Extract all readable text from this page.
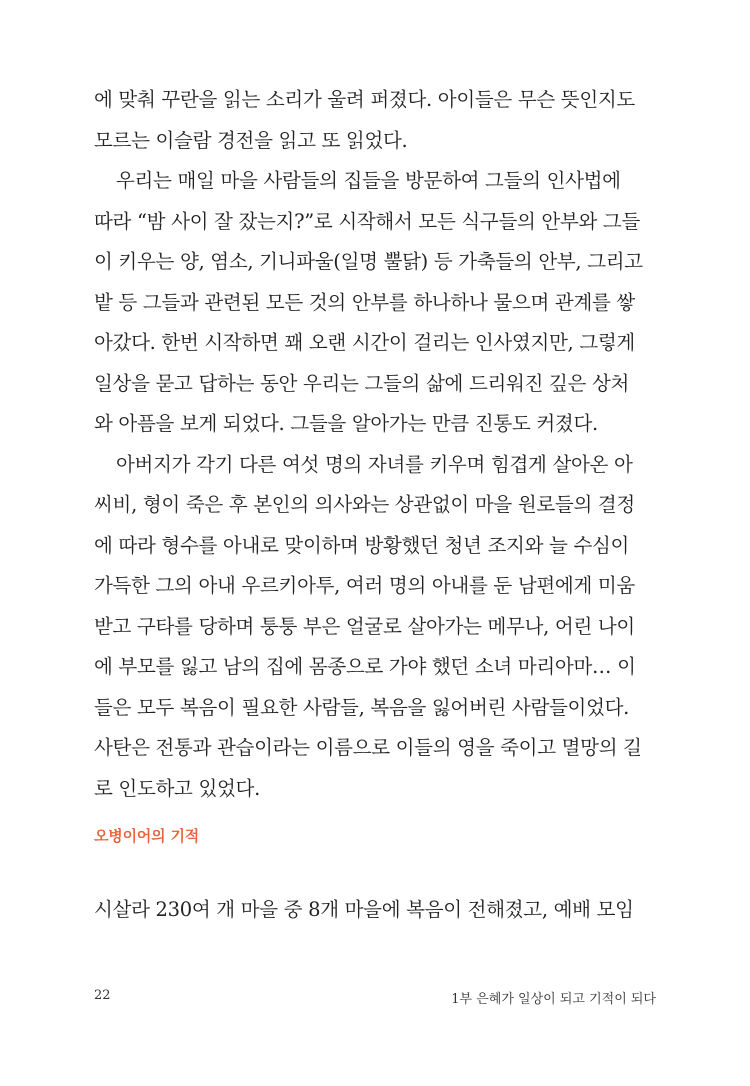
에 맞춰 꾸란을 읽는 소리가 울려 퍼졌다. 아이들은 무슨 뜻인지도
모르는 이슬람 경전을 읽고 또 읽었다.
우리는 매일 마을 사람들의 집들을 방문하여 그들의 인사법에
따라 “밤 사이 잘 잤는지?”로 시작해서 모든 식구들의 안부와 그들
이 키우는 양, 염소, 기니파울(일명 뿔닭) 등 가축들의 안부, 그리고
밭 등 그들과 관련된 모든 것의 안부를 하나하나 물으며 관계를 쌓
아갔다. 한번 시작하면 꽤 오랜 시간이 걸리는 인사였지만, 그렇게
일상을 묻고 답하는 동안 우리는 그들의 삶에 드리워진 깊은 상처
와 아픔을 보게 되었다. 그들을 알아가는 만큼 진통도 커졌다.
아버지가 각기 다른 여섯 명의 자녀를 키우며 힘겹게 살아온 아
씨비, 형이 죽은 후 본인의 의사와는 상관없이 마을 원로들의 결정
에 따라 형수를 아내로 맞이하며 방황했던 청년 조지와 늘 수심이
가득한 그의 아내 우르키아투, 여러 명의 아내를 둔 남편에게 미움
받고 구타를 당하며 퉁퉁 부은 얼굴로 살아가는 메무나, 어린 나이
에 부모를 잃고 남의 집에 몸종으로 가야 했던 소녀 마리아마… 이
들은 모두 복음이 필요한 사람들, 복음을 잃어버린 사람들이었다.
사탄은 전통과 관습이라는 이름으로 이들의 영을 죽이고 멸망의 길
로 인도하고 있었다.
오병이어의 기적
시살라 230여 개 마을 중 8개 마을에 복음이 전해졌고, 예배 모임
22	1부 은혜가 일상이 되고 기적이 되다
